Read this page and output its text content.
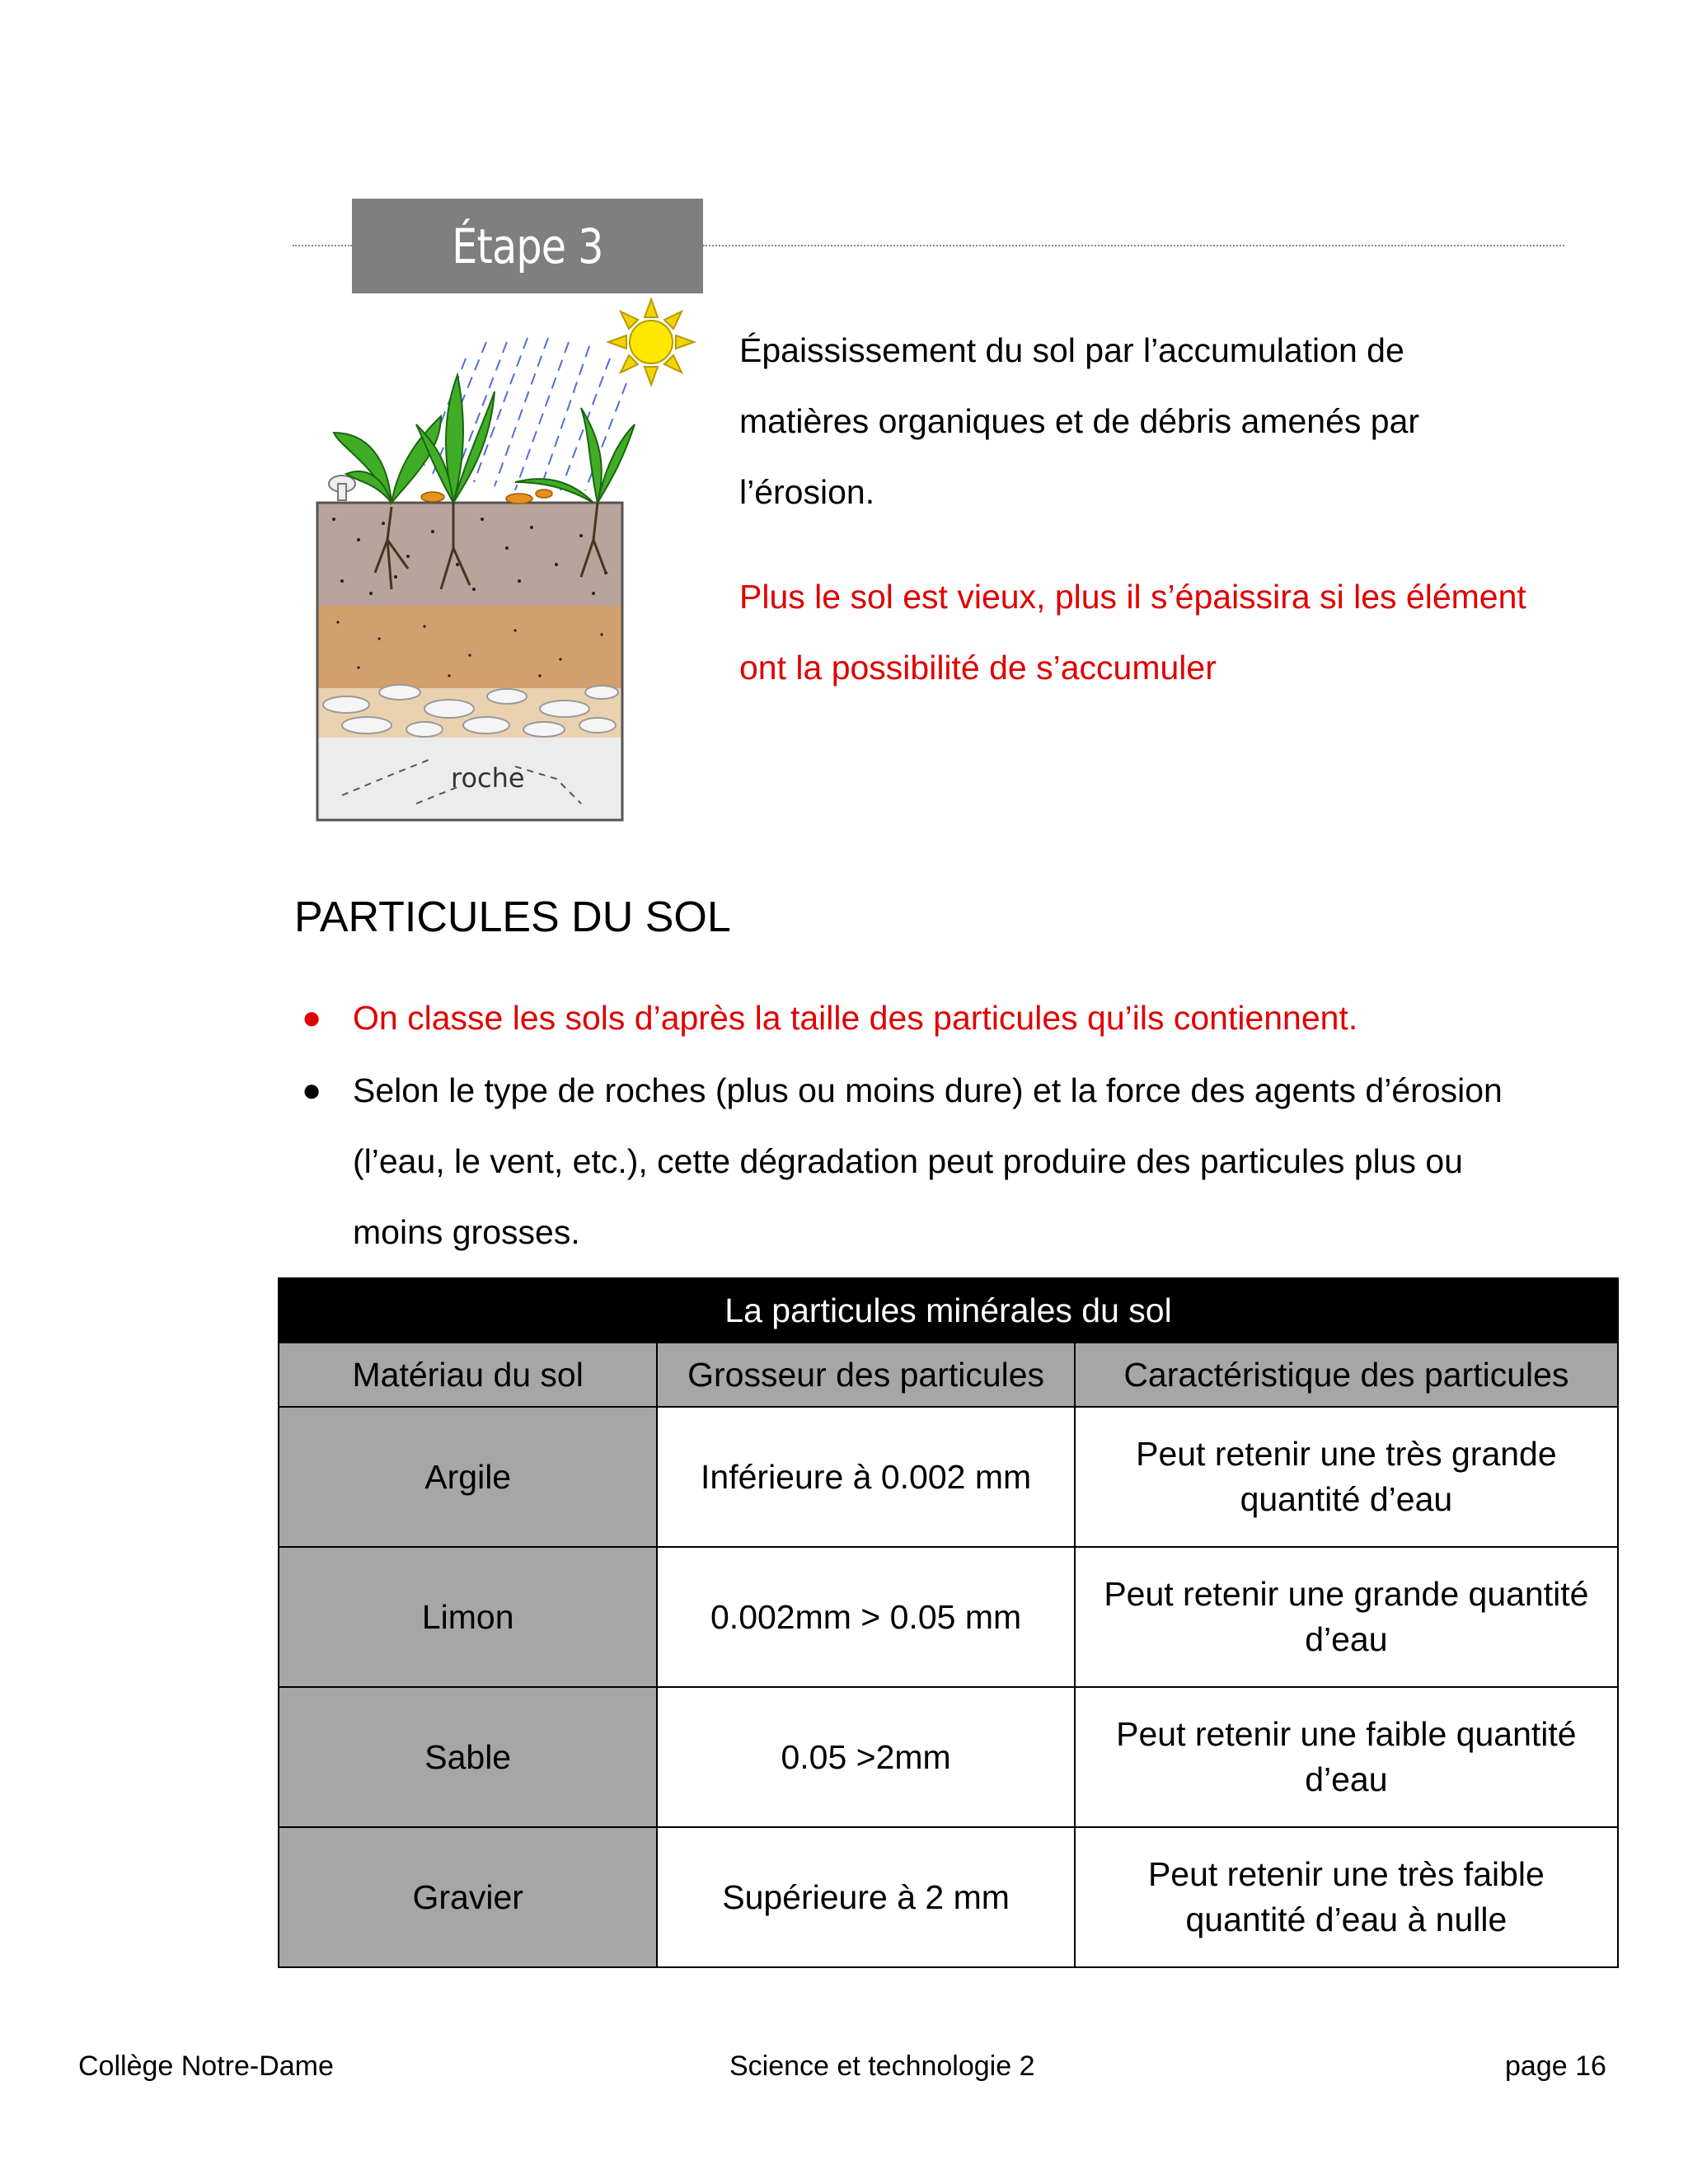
Étape 3
roche
Épaississement du sol par l’accumulation de
matières organiques et de débris amenés par
l’érosion.
Plus le sol est vieux, plus il s’épaissira si les élément
ont la possibilité de s’accumuler
PARTICULES DU SOL
● On classe les sols d’après la taille des particules qu’ils contiennent.
● Selon le type de roches (plus ou moins dure) et la force des agents d’érosion
(l’eau, le vent, etc.), cette dégradation peut produire des particules plus ou
moins grosses.
La particules minérales du sol		
Matériau du sol	Grosseur des particules	Caractéristique des particules
Argile	Inférieure à 0.002 mm	Peut retenir une très grande
quantité d’eau

Limon	0.002mm > 0.05 mm	Peut retenir une grande quantité
d’eau

Sable	0.05 >2mm	Peut retenir une faible quantité
d’eau

Gravier	Supérieure à 2 mm	Peut retenir une très faible
quantité d’eau à nulle
Collège Notre-Dame	Science et technologie 2	page 16
